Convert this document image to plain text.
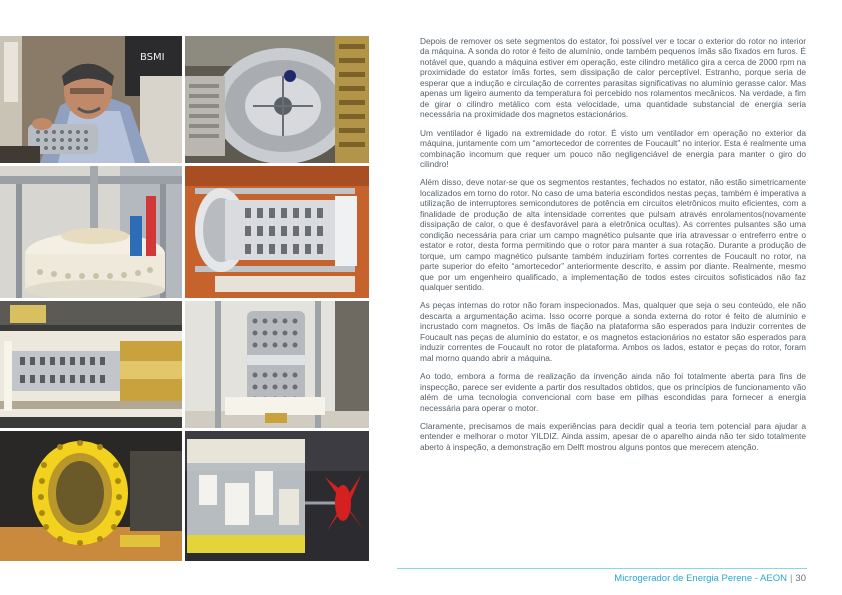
BSMI

Depois de remover os sete segmentos do estator, foi possível ver e tocar o exterior do rotor no interior da máquina. A sonda do rotor é feito de alumínio, onde também pequenos ímãs são fixados em furos. É notável que, quando a máquina estiver em operação, este cilindro metálico gira a cerca de 2000 rpm na proximidade do estator ímãs fortes, sem dissipação de calor perceptível. Estranho, porque seria de esperar que a indução e circulação de correntes parasitas significativas no alumínio gerasse calor. Mas apenas um ligeiro aumento da temperatura foi percebido nos rolamentos mecânicos. Na verdade, a fim de girar o cilindro metálico com esta velocidade, uma quantidade substancial de energia seria necessária na proximidade dos magnetos estacionários.

Um ventilador é ligado na extremidade do rotor. É visto um ventilador em operação no exterior da máquina, juntamente com um “amortecedor de correntes de Foucault” no interior. Esta é realmente uma combinação incomum que requer um pouco não negligenciável de energia para manter o giro do cilindro!

Além disso, deve notar-se que os segmentos restantes, fechados no estator, não estão simetricamente localizados em torno do rotor. No caso de uma bateria escondidos nestas peças, também é imperativa a utilização de interruptores semicondutores de potência em circuitos eletrônicos muito eficientes, com a finalidade de produção de alta intensidade correntes que pulsam através enrolamentos(novamente dissipação de calor, o que é desfavorável para a eletrônica ocultas). As correntes pulsantes são uma condição necessária para criar um campo magnético pulsante que iria atravessar o entreferro entre o estator e rotor, desta forma permitindo que o rotor para manter a sua rotação. Durante a produção de torque, um campo magnético pulsante também induziriam fortes correntes de Foucault no rotor, na parte superior do efeito “amortecedor” anteriormente descrito, e assim por diante. Realmente, mesmo que por um engenheiro qualificado, a implementação de todos estes circuitos sofisticados não faz qualquer sentido.

As peças internas do rotor não foram inspecionados. Mas, qualquer que seja o seu conteúdo, ele não descarta a argumentação acima. Isso ocorre porque a sonda externa do rotor é feito de alumínio e incrustado com magnetos. Os ímãs de fiação na plataforma são esperados para induzir correntes de Foucault nas peças de alumínio do estator, e os magnetos estacionários no estator são esperados para induzir correntes de Foucault no rotor de plataforma. Ambos os lados, estator e peças do rotor, foram mal morno quando abrir a máquina.

Ao todo, embora a forma de realização da invenção ainda não foi totalmente aberta para fins de inspecção, parece ser evidente a partir dos resultados obtidos, que os princípios de funcionamento vão além de uma tecnologia convencional com base em pilhas escondidas para fornecer a energia necessária para operar o motor.

Claramente, precisamos de mais experiências para decidir qual a teoria tem potencial para ajudar a entender e melhorar o motor YILDIZ. Ainda assim, apesar de o aparelho ainda não ter sido totalmente aberto à inspeção, a demonstração em Delft mostrou alguns pontos que merecem atenção.

Microgerador de Energia Perene - AEON | 30
